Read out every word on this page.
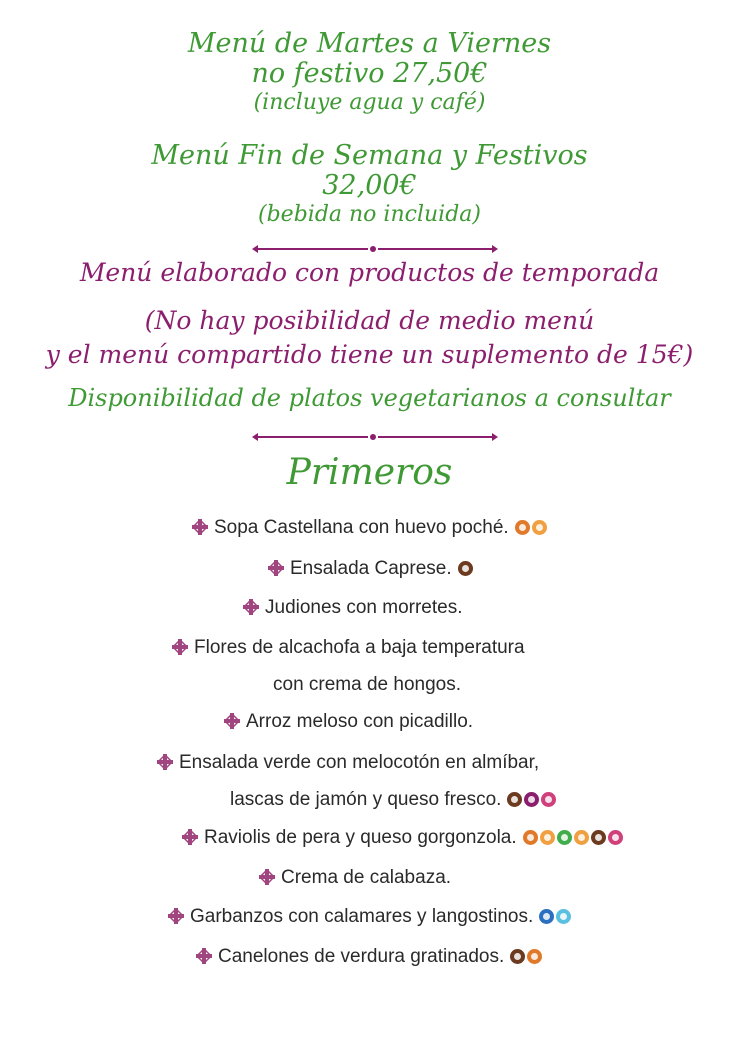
Menú de Martes a Viernes
no festivo 27,50€
(incluye agua y café)
Menú Fin de Semana y Festivos
32,00€
(bebida no incluida)
Menú elaborado con productos de temporada
(No hay posibilidad de medio menú
y el menú compartido tiene un suplemento de 15€)
Disponibilidad de platos vegetarianos a consultar
Primeros
Sopa Castellana con huevo poché.
Ensalada Caprese.
Judiones con morretes.
Flores de alcachofa a baja temperatura
con crema de hongos.
Arroz meloso con picadillo.
Ensalada verde con melocotón en almíbar,
lascas de jamón y queso fresco.
Raviolis de pera y queso gorgonzola.
Crema de calabaza.
Garbanzos con calamares y langostinos.
Canelones de verdura gratinados.
